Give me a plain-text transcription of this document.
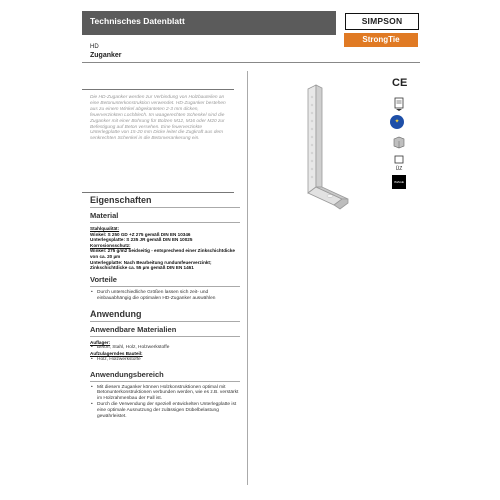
Technisches Datenblatt	SIMPSON
StrongTie
HD
Zuganker
Die HD-Zuganker werden zur Verbindung von Holzbauteilen an eine Betonunterkonstruktion verwendet. HD-Zuganker bestehen aus zu einem Winkel abgekanteten 2-3 mm dicken, feuerverzinkten Lochblech. Im waagerechten Schenkel sind die Zuganker mit einer Bohrung für Bolzen M12, M16 oder M20 zur Befestigung auf Beton versehen. Eine feuerverzinkte Unterlegplatte von 15-20 mm Dicke leitet die Zugkraft aus dem senkrechten Schenkel in die Betonverankerung ein.
CE
✦
ÜZ
IMAGE
Eigenschaften
Material
Stahlqualität:
Winkel: S 250 GD +Z 275 gemäß DIN EN 10346
Unterlegsplatte: S 235 JR gemäß DIN EN 10025
Korrosionsschutz:
Winkel: 275 g/m2 beidseitig - entsprechend einer Zinkschichtdicke von ca. 20 µm
Unterlegplatte: Nach Bearbeitung rundumfeuerverzinkt; Zinkschichtdicke ca. 55 µm gemäß DIN EN 1461
Vorteile
• Durch unterschiedliche Größen lassen sich zeit- und einbauabhängig die optimalen HD-Zuganker auswählen
Anwendung
Anwendbare Materialien
Auflager:
• Beton, Stahl, Holz, Holzwerkstoffe
Aufzulagerndes Bauteil:
• Holz, Holzwerkstoffe
Anwendungsbereich
• Mit diesem Zuganker können Holzkonstruktionen optimal mit Betonunterkonstruktionen verbunden werden, wie es z.B. verstärkt im Holzrahmenbau der Fall ist.
• Durch die Verwendung der speziell entwickelten Unterlegplatte ist eine optimale Ausnutzung der zulässigen Dübelbelastung gewährleistet.
